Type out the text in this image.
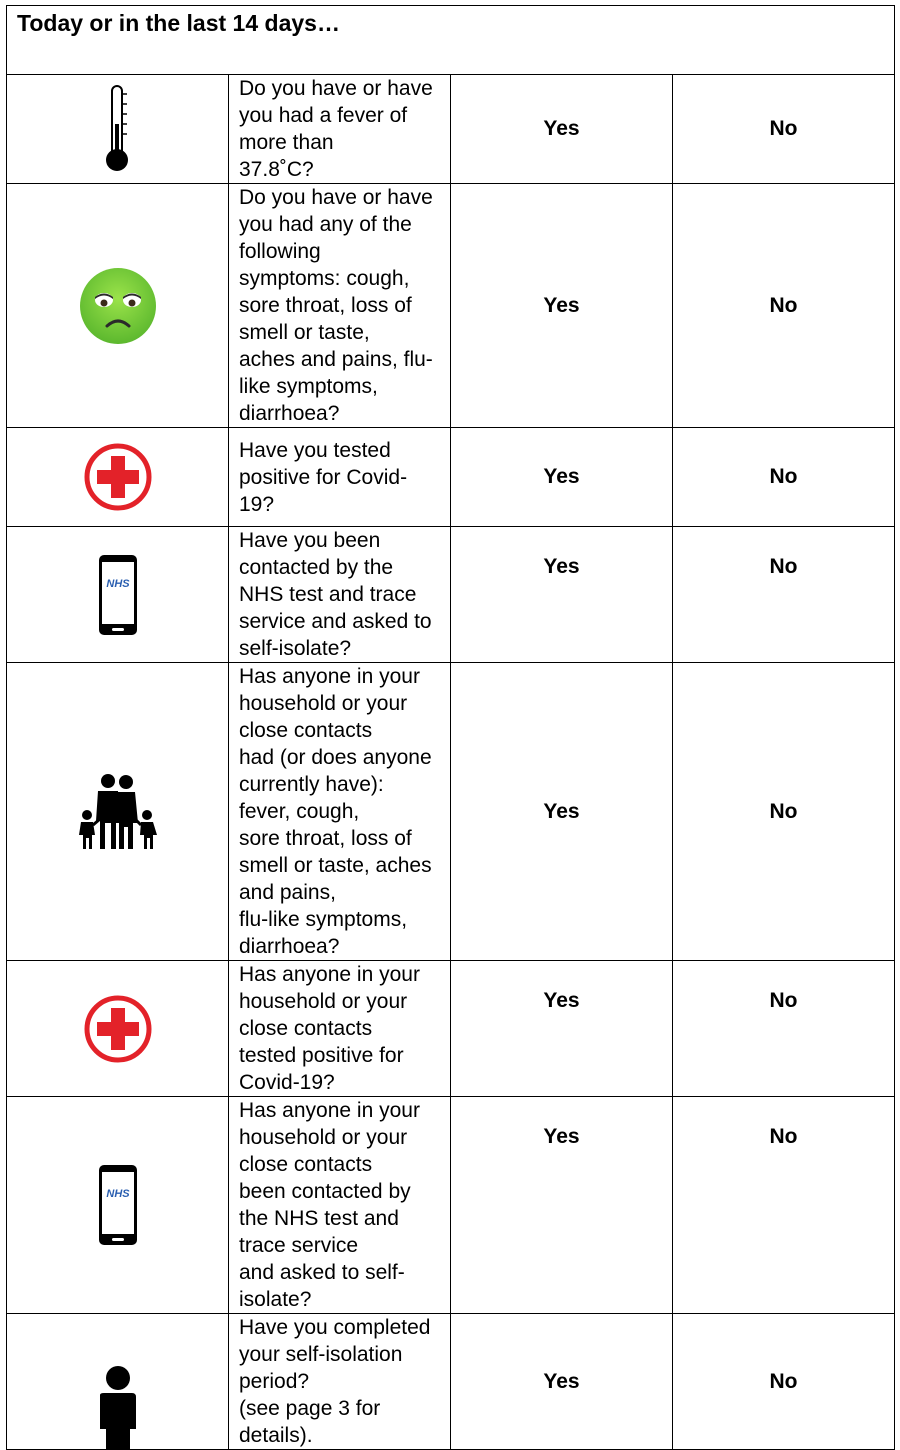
Today or in the last 14 days…			

Do you have or have you had a fever of more than
37.8˚C?	Yes	No

Do you have or have you had any of the following
symptoms: cough, sore throat, loss of smell or taste,
aches and pains, flu-like symptoms, diarrhoea?	Yes	No

Have you tested positive for Covid-19?	Yes	No

NHS	Have you been contacted by the NHS test and trace
service and asked to self-isolate?	Yes	No

Has anyone in your household or your close contacts
had (or does anyone currently have): fever, cough,
sore throat, loss of smell or taste, aches and pains,
flu-like symptoms, diarrhoea?	Yes	No

Has anyone in your household or your close contacts
tested positive for Covid-19?	Yes	No

NHS	Has anyone in your household or your close contacts
been contacted by the NHS test and trace service
and asked to self-isolate?	Yes	No

Have you completed your self-isolation period?
(see page 3 for details).	Yes	No
